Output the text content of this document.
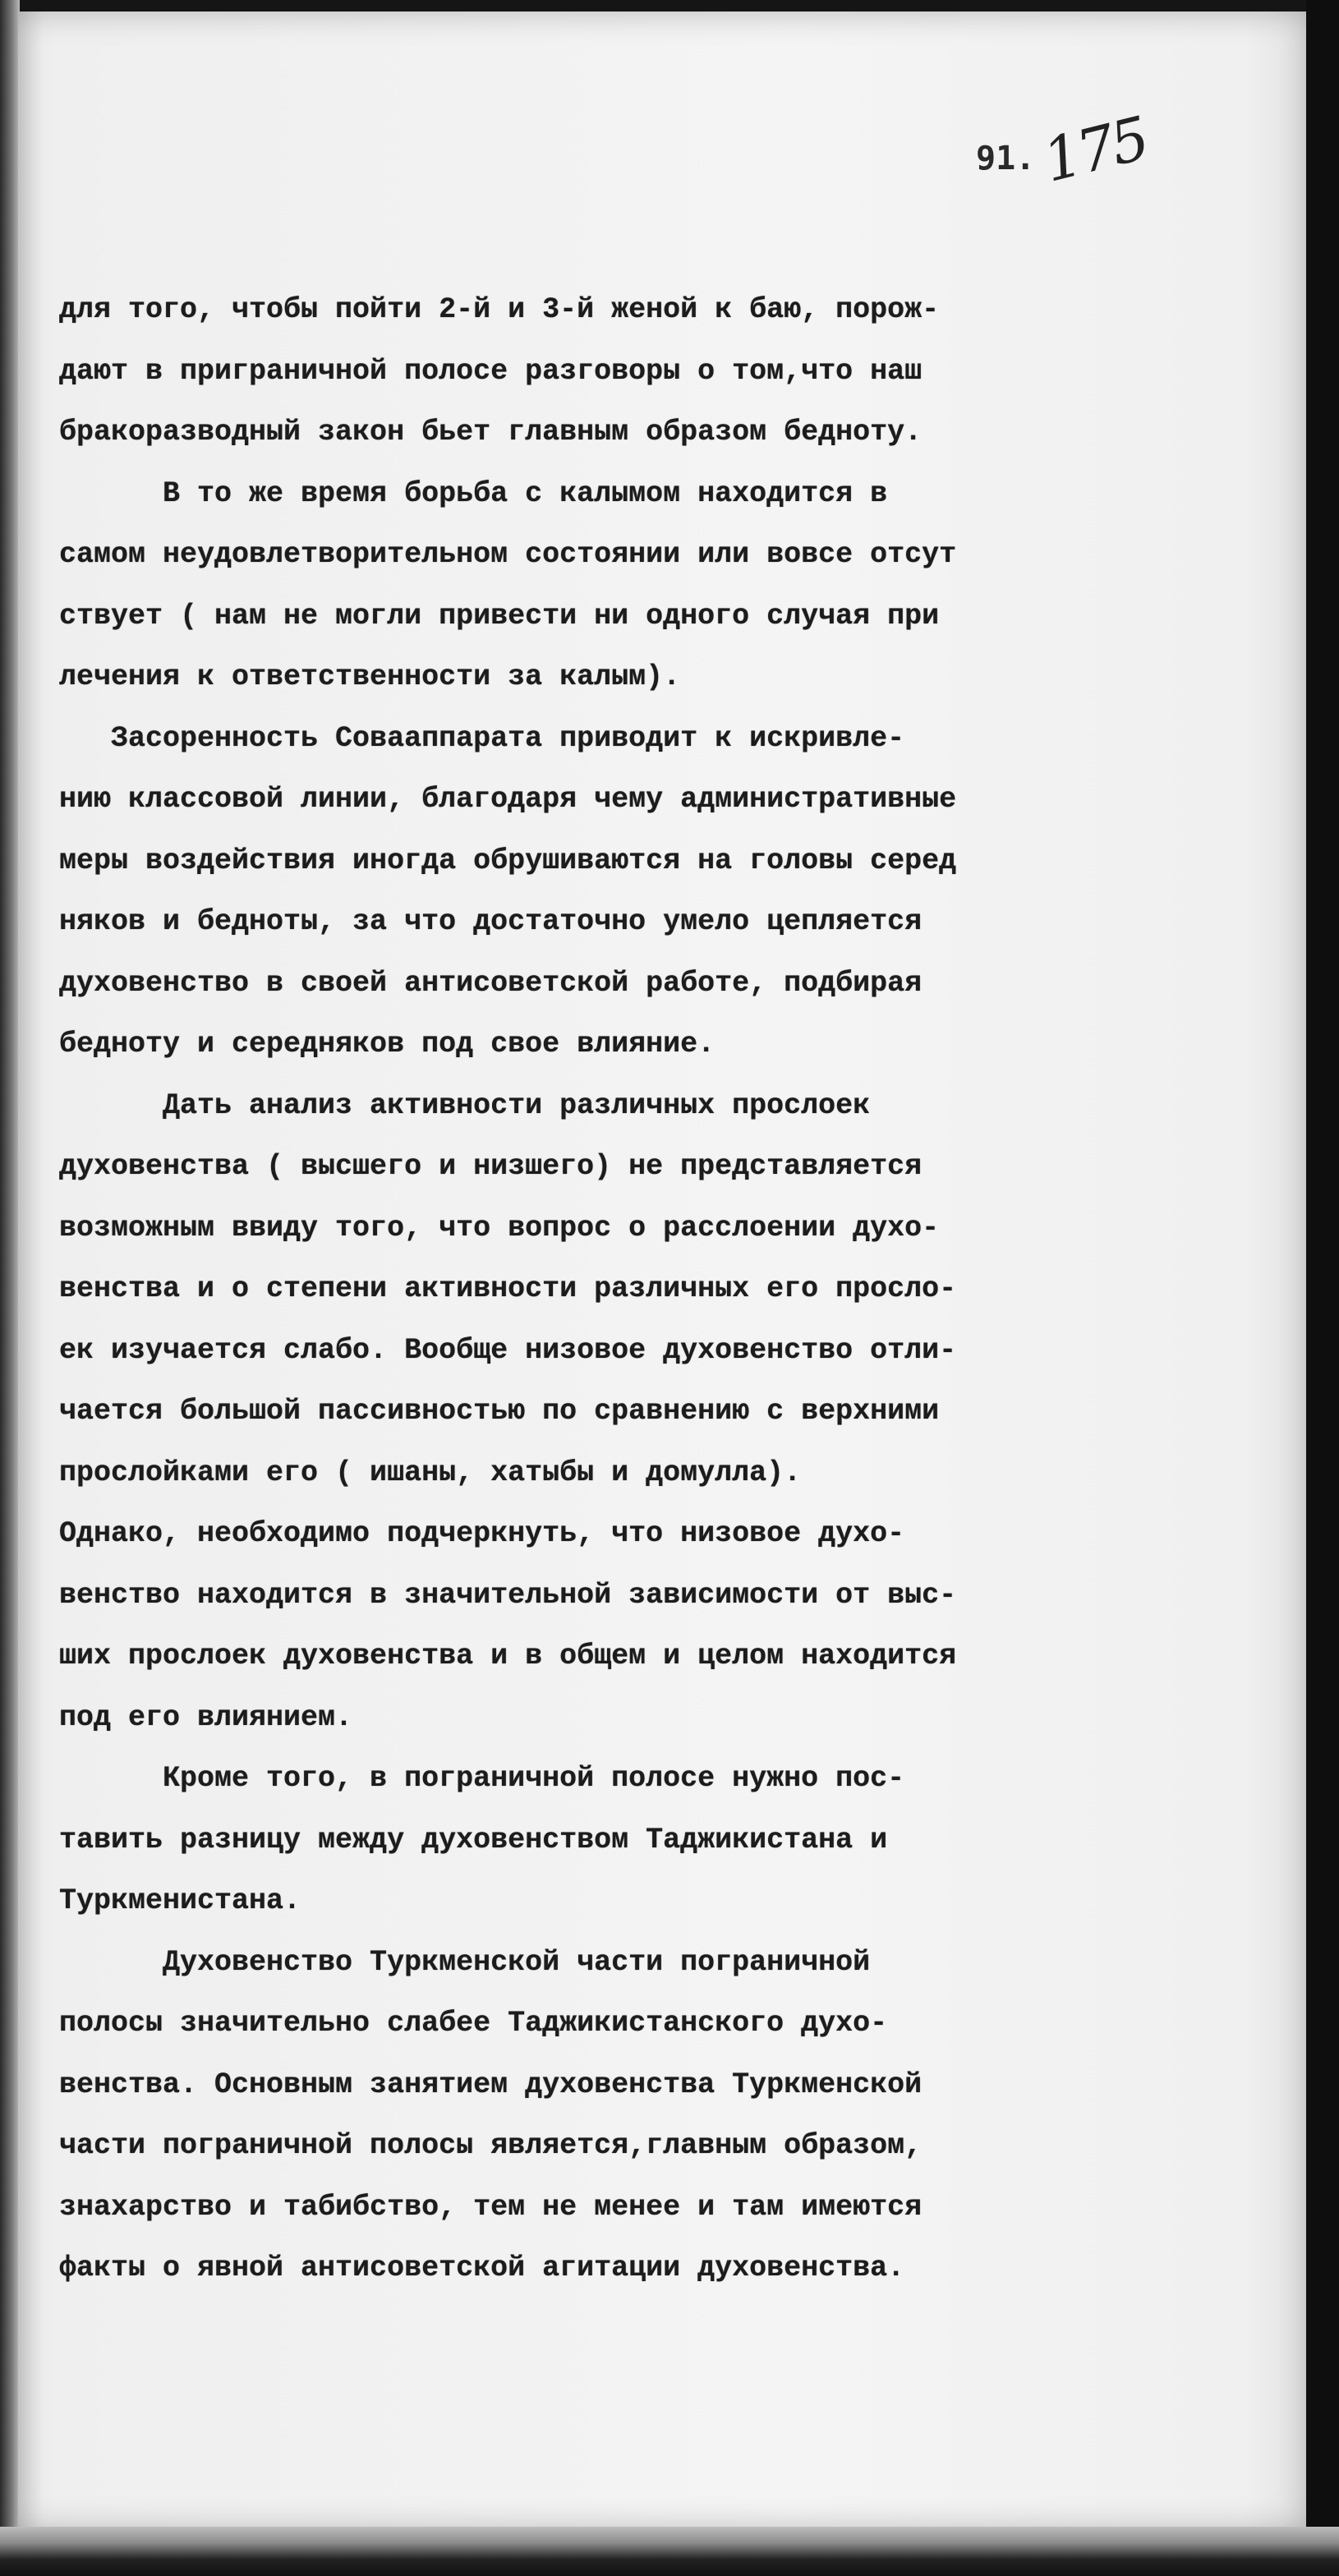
91. 175
для того, чтобы пойти 2-й и 3-й женой к баю, порож-
дают в приграничной полосе разговоры о том,что наш
бракоразводный закон бьет главным образом бедноту.
В то же время борьба с калымом находится в
самом неудовлетворительном состоянии или вовсе отсут
ствует ( нам не могли привести ни одного случая при
лечения к ответственности за калым).
Засоренность Совааппарата приводит к искривле-
нию классовой линии, благодаря чему административные
меры воздействия иногда обрушиваются на головы серед
няков и бедноты, за что достаточно умело цепляется
духовенство в своей антисоветской работе, подбирая
бедноту и середняков под свое влияние.
Дать анализ активности различных прослоек
духовенства ( высшего и низшего) не представляется
возможным ввиду того, что вопрос о расслоении духо-
венства и о степени активности различных его прослo-
ек изучается слабо. Вообще низовое духовенство отли-
чается большой пассивностью по сравнению с верхними
прослойками его ( ишаны, хатыбы и домулла).
Однако, необходимо подчеркнуть, что низовое духо-
венство находится в значительной зависимости от выс-
ших прослоек духовенства и в общем и целом находится
под его влиянием.
Кроме того, в пограничной полосе нужно пос-
тавить разницу между духовенством Таджикистана и
Туркменистана.
Духовенство Туркменской части пограничной
полосы значительно слабее Таджикистанского духо-
венства. Основным занятием духовенства Туркменской
части пограничной полосы является,главным образом,
знахарство и табибство, тем не менее и там имеются
факты о явной антисоветской агитации духовенства.
